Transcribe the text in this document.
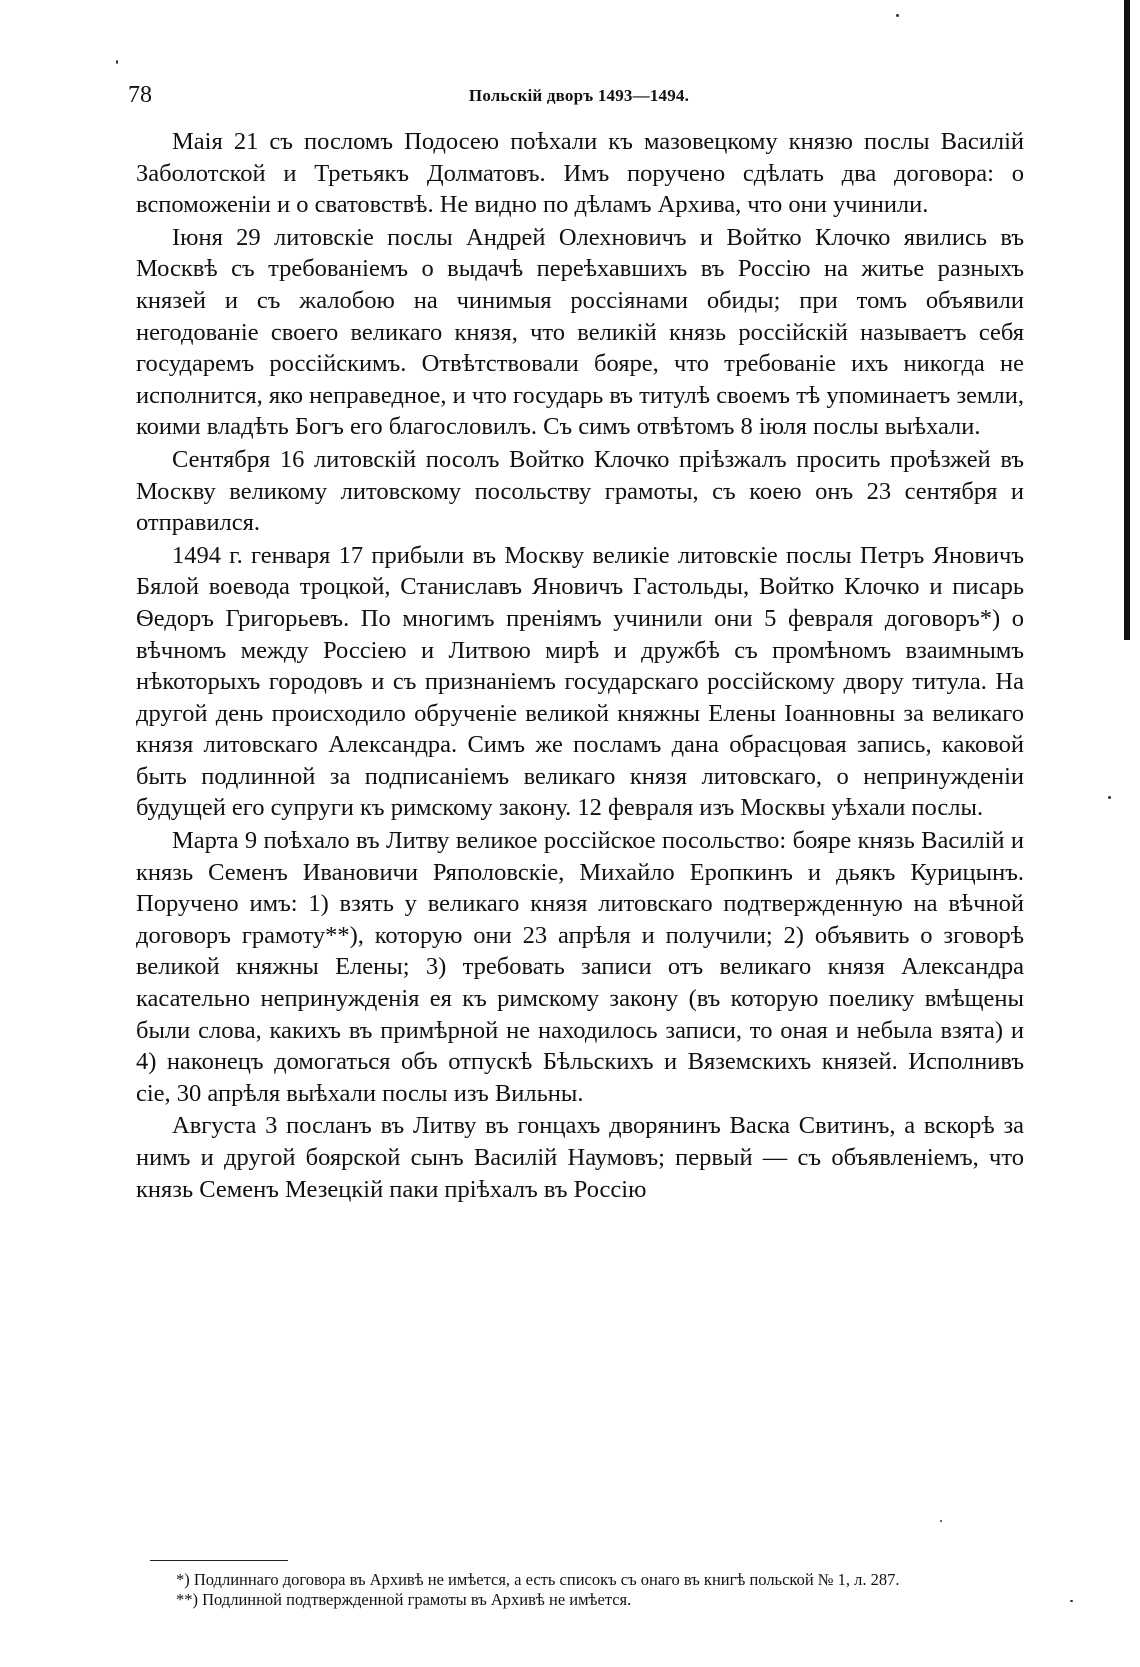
78	Польскій дворъ 1493—1494.

Маія 21 съ посломъ Подосею поѣхали къ мазовецкому князю послы Василій Заболотской и Третьякъ Долматовъ. Имъ поручено сдѣлать два договора: о вспоможеніи и о сватовствѣ. Не видно по дѣламъ Архива, что они учинили.

Іюня 29 литовскіе послы Андрей Олехновичъ и Войтко Клочко явились въ Москвѣ съ требованіемъ о выдачѣ переѣхавшихъ въ Россію на житье разныхъ князей и съ жалобою на чинимыя россіянами обиды; при томъ объявили негодованіе своего великаго князя, что великій князь россійскій называетъ себя государемъ россійскимъ. Отвѣтствовали бояре, что требованіе ихъ никогда не исполнится, яко неправедное, и что государь въ титулѣ своемъ тѣ упоминаетъ земли, коими владѣть Богъ его благословилъ. Съ симъ отвѣтомъ 8 іюля послы выѣхали.

Сентября 16 литовскій посолъ Войтко Клочко пріѣзжалъ просить проѣзжей въ Москву великому литовскому посольству грамоты, съ коею онъ 23 сентября и отправился.

1494 г. генваря 17 прибыли въ Москву великіе литовскіе послы Петръ Яновичъ Бялой воевода троцкой, Станиславъ Яновичъ Гастольды, Войтко Клочко и писарь Ѳедоръ Григорьевъ. По многимъ преніямъ учинили они 5 февраля договоръ*) о вѣчномъ между Россіею и Литвою мирѣ и дружбѣ съ промѣномъ взаимнымъ нѣкоторыхъ городовъ и съ признаніемъ государскаго россійскому двору титула. На другой день происходило обрученіе великой княжны Елены Іоанновны за великаго князя литовскаго Александра. Симъ же посламъ дана обрасцовая запись, каковой быть подлинной за подписаніемъ великаго князя литовскаго, о непринужденіи будущей его супруги къ римскому закону. 12 февраля изъ Москвы уѣхали послы.

Марта 9 поѣхало въ Литву великое россійское посольство: бояре князь Василій и князь Семенъ Ивановичи Ряполовскіе, Михайло Еропкинъ и дьякъ Курицынъ. Поручено имъ: 1) взять у великаго князя литовскаго подтвержденную на вѣчной договоръ грамоту**), которую они 23 апрѣля и получили; 2) объявить о зговорѣ великой княжны Елены; 3) требовать записи отъ великаго князя Александра касательно непринужденія ея къ римскому закону (въ которую поелику вмѣщены были слова, какихъ въ примѣрной не находилось записи, то оная и небыла взята) и 4) наконецъ домогаться объ отпускѣ Бѣльскихъ и Вяземскихъ князей. Исполнивъ сіе, 30 апрѣля выѣхали послы изъ Вильны.

Августа 3 посланъ въ Литву въ гонцахъ дворянинъ Васка Свитинъ, а вскорѣ за нимъ и другой боярской сынъ Василій Наумовъ; первый — съ объявленіемъ, что князь Семенъ Мезецкій паки пріѣхалъ въ Россію

*) Подлиннаго договора въ Архивѣ не имѣется, а есть списокъ съ онаго въ книгѣ польской № 1, л. 287.

**) Подлинной подтвержденной грамоты въ Архивѣ не имѣется.
